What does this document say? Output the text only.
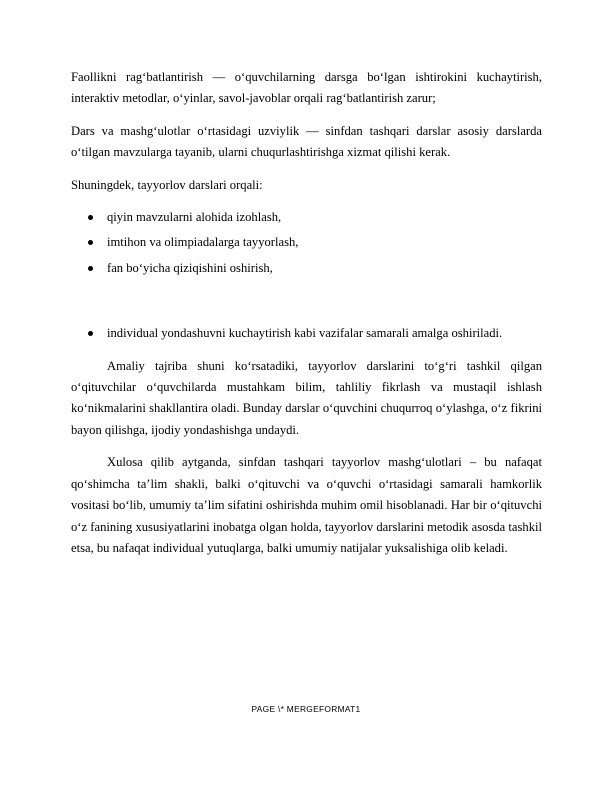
Faollikni rag‘batlantirish — o‘quvchilarning darsga bo‘lgan ishtirokini kuchaytirish, interaktiv metodlar, o‘yinlar, savol-javoblar orqali rag‘batlantirish zarur;

Dars va mashg‘ulotlar o‘rtasidagi uzviylik — sinfdan tashqari darslar asosiy darslarda o‘tilgan mavzularga tayanib, ularni chuqurlashtirishga xizmat qilishi kerak.

Shuningdek, tayyorlov darslari orqali:

qiyin mavzularni alohida izohlash,
imtihon va olimpiadalarga tayyorlash,
fan bo‘yicha qiziqishini oshirish,
individual yondashuvni kuchaytirish kabi vazifalar samarali amalga oshiriladi.

Amaliy tajriba shuni ko‘rsatadiki, tayyorlov darslarini to‘g‘ri tashkil qilgan o‘qituvchilar o‘quvchilarda mustahkam bilim, tahliliy fikrlash va mustaqil ishlash ko‘nikmalarini shakllantira oladi. Bunday darslar o‘quvchini chuqurroq o‘ylashga, o‘z fikrini bayon qilishga, ijodiy yondashishga undaydi.

Xulosa qilib aytganda, sinfdan tashqari tayyorlov mashg‘ulotlari – bu nafaqat qo‘shimcha ta’lim shakli, balki o‘qituvchi va o‘quvchi o‘rtasidagi samarali hamkorlik vositasi bo‘lib, umumiy ta’lim sifatini oshirishda muhim omil hisoblanadi. Har bir o‘qituvchi o‘z fanining xususiyatlarini inobatga olgan holda, tayyorlov darslarini metodik asosda tashkil etsa, bu nafaqat individual yutuqlarga, balki umumiy natijalar yuksalishiga olib keladi.

PAGE \* MERGEFORMAT1
